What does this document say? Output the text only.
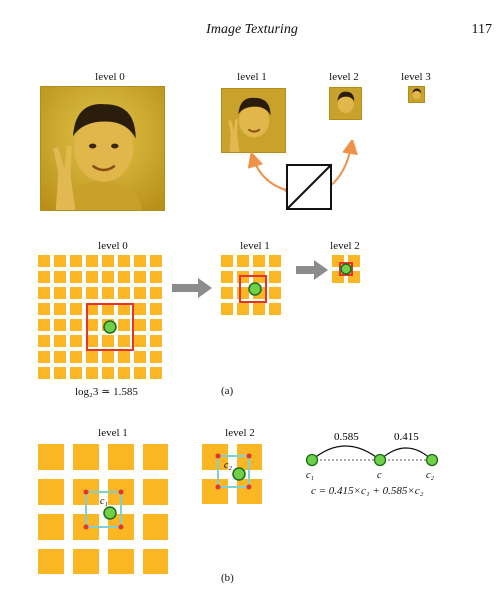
Image Texturing	117
level 0	level 1	level 2	level 3
level 0	level 1	level 2
log₂3 ≃ 1.585	(a)
level 1	level 2
c₁
c₂
0.585	0.415
c₁	c	c₂
c = 0.415×c₁ + 0.585×c₂
(b)
